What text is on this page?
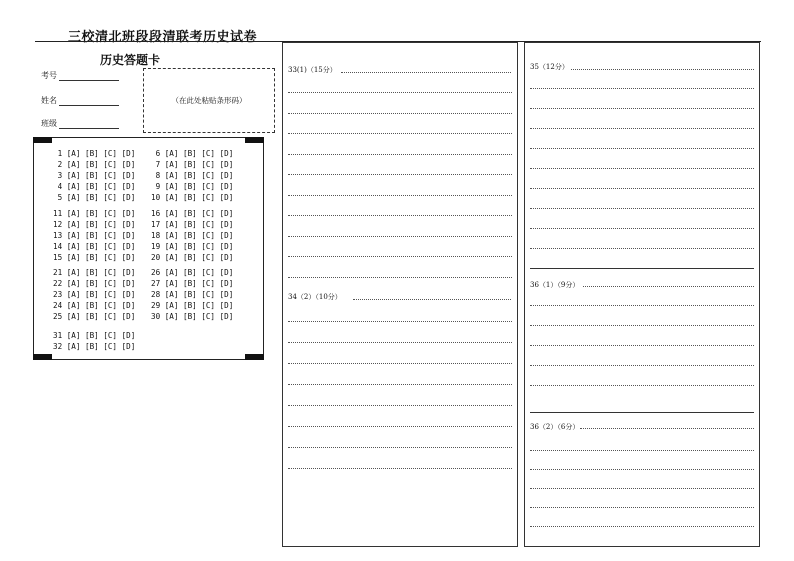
三校清北班段段清联考历史试卷
历史答题卡
考号
姓名
班级
（在此处粘贴条形码）
1 [A] [B] [C] [D]
2 [A] [B] [C] [D]
3 [A] [B] [C] [D]
4 [A] [B] [C] [D]
5 [A] [B] [C] [D]
6 [A] [B] [C] [D]
7 [A] [B] [C] [D]
8 [A] [B] [C] [D]
9 [A] [B] [C] [D]
10 [A] [B] [C] [D]
11 [A] [B] [C] [D]
12 [A] [B] [C] [D]
13 [A] [B] [C] [D]
14 [A] [B] [C] [D]
15 [A] [B] [C] [D]
16 [A] [B] [C] [D]
17 [A] [B] [C] [D]
18 [A] [B] [C] [D]
19 [A] [B] [C] [D]
20 [A] [B] [C] [D]
21 [A] [B] [C] [D]
22 [A] [B] [C] [D]
23 [A] [B] [C] [D]
24 [A] [B] [C] [D]
25 [A] [B] [C] [D]
26 [A] [B] [C] [D]
27 [A] [B] [C] [D]
28 [A] [B] [C] [D]
29 [A] [B] [C] [D]
30 [A] [B] [C] [D]
31 [A] [B] [C] [D]
32 [A] [B] [C] [D]
33(1)（15分）
34（2）（10分）
35（12分）
36（1）（9分）
36（2）（6分）
